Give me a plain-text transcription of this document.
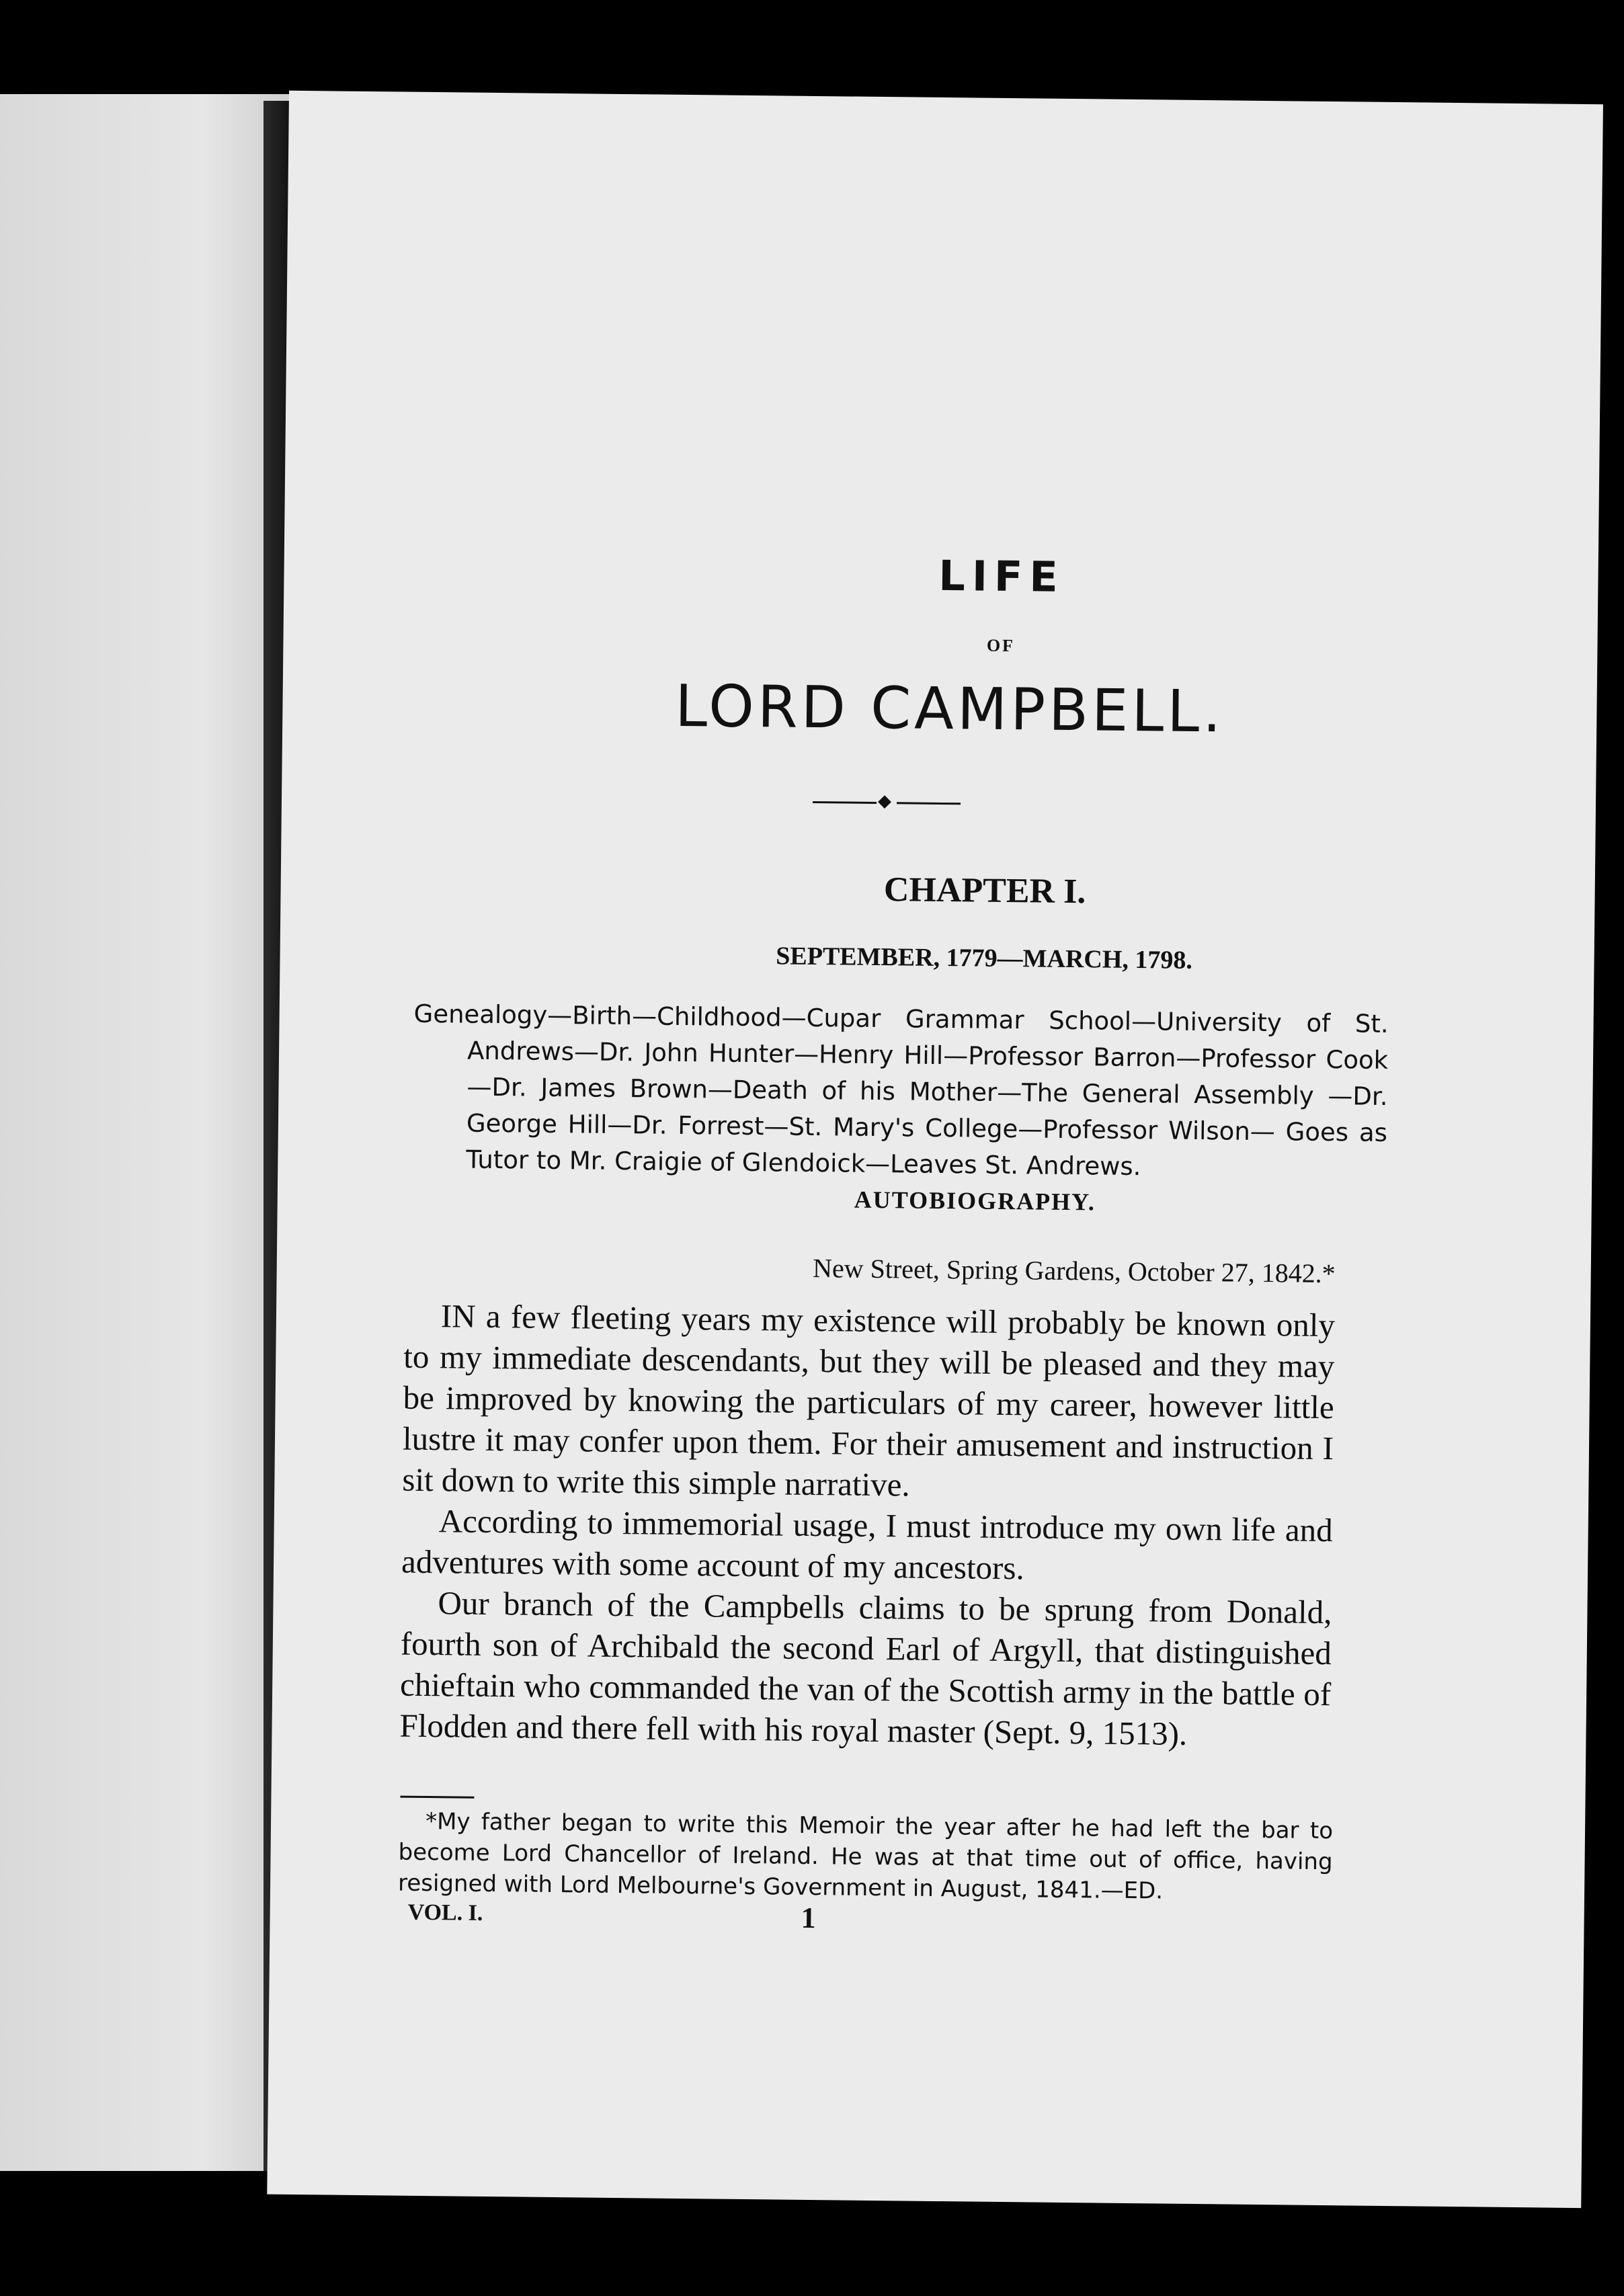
LIFE
OF
LORD CAMPBELL.
CHAPTER I.
SEPTEMBER, 1779—MARCH, 1798.
Genealogy—Birth—Childhood—Cupar Grammar School—University of St. Andrews—Dr. John Hunter—Henry Hill—Professor Barron—Professor Cook—Dr. James Brown—Death of his Mother—The General Assembly —Dr. George Hill—Dr. Forrest—St. Mary's College—Professor Wilson— Goes as Tutor to Mr. Craigie of Glendoick—Leaves St. Andrews.
AUTOBIOGRAPHY.
New Street, Spring Gardens, October 27, 1842.*

IN a few fleeting years my existence will probably be known only to my immediate descendants, but they will be pleased and they may be improved by knowing the particulars of my career, however little lustre it may confer upon them. For their amusement and instruction I sit down to write this simple narrative.

According to immemorial usage, I must introduce my own life and adventures with some account of my ancestors.

Our branch of the Campbells claims to be sprung from Donald, fourth son of Archibald the second Earl of Argyll, that distinguished chieftain who commanded the van of the Scottish army in the battle of Flodden and there fell with his royal master (Sept. 9, 1513).

*My father began to write this Memoir the year after he had left the bar to become Lord Chancellor of Ireland. He was at that time out of office, having resigned with Lord Melbourne's Government in August, 1841.—ED.
VOL. I.	1
